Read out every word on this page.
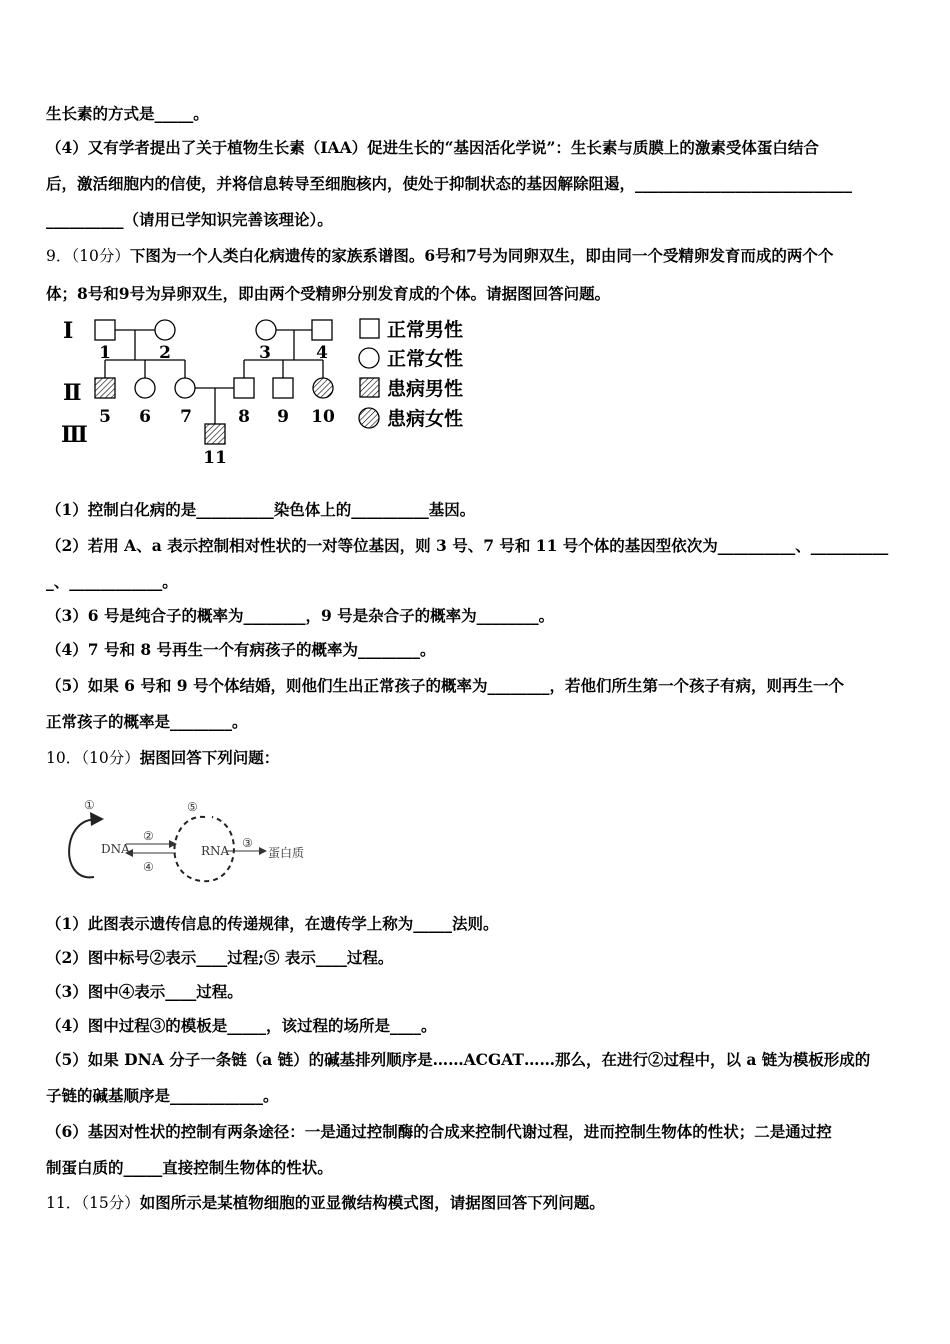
生长素的方式是_____。
（4）又有学者提出了关于植物生长素（IAA）促进生长的“基因活化学说”：生长素与质膜上的激素受体蛋白结合
后，激活细胞内的信使，并将信息转导至细胞核内，使处于抑制状态的基因解除阻遏，____________________________
__________（请用已学知识完善该理论）。
9．（10分）下图为一个人类白化病遗传的家族系谱图。6号和7号为同卵双生，即由同一个受精卵发育而成的两个个
体；8号和9号为异卵双生，即由两个受精卵分别发育成的个体。请据图回答问题。
Ⅰ
Ⅱ
Ⅲ
1	2	3	4
5 6 7	8 9 10
11
正常男性
正常女性
患病男性
患病女性
（1）控制白化病的是__________染色体上的__________基因。
（2）若用 A、a 表示控制相对性状的一对等位基因，则 3 号、7 号和 11 号个体的基因型依次为__________、__________
_、____________。
（3）6 号是纯合子的概率为________，9 号是杂合子的概率为________。
（4）7 号和 8 号再生一个有病孩子的概率为________。
（5）如果 6 号和 9 号个体结婚，则他们生出正常孩子的概率为________，若他们所生第一个孩子有病，则再生一个
正常孩子的概率是________。
10．（10分）据图回答下列问题：
DNA	RNA	蛋白质
①
②
④
⑤
③
（1）此图表示遗传信息的传递规律，在遗传学上称为_____法则。
（2）图中标号②表示____过程;⑤ 表示____过程。
（3）图中④表示____过程。
（4）图中过程③的模板是_____，该过程的场所是____。
（5）如果 DNA 分子一条链（a 链）的碱基排列顺序是……ACGAT……那么，在进行②过程中，以 a 链为模板形成的
子链的碱基顺序是____________。
（6）基因对性状的控制有两条途径：一是通过控制酶的合成来控制代谢过程，进而控制生物体的性状；二是通过控
制蛋白质的_____直接控制生物体的性状。
11．（15分）如图所示是某植物细胞的亚显微结构模式图，请据图回答下列问题。
